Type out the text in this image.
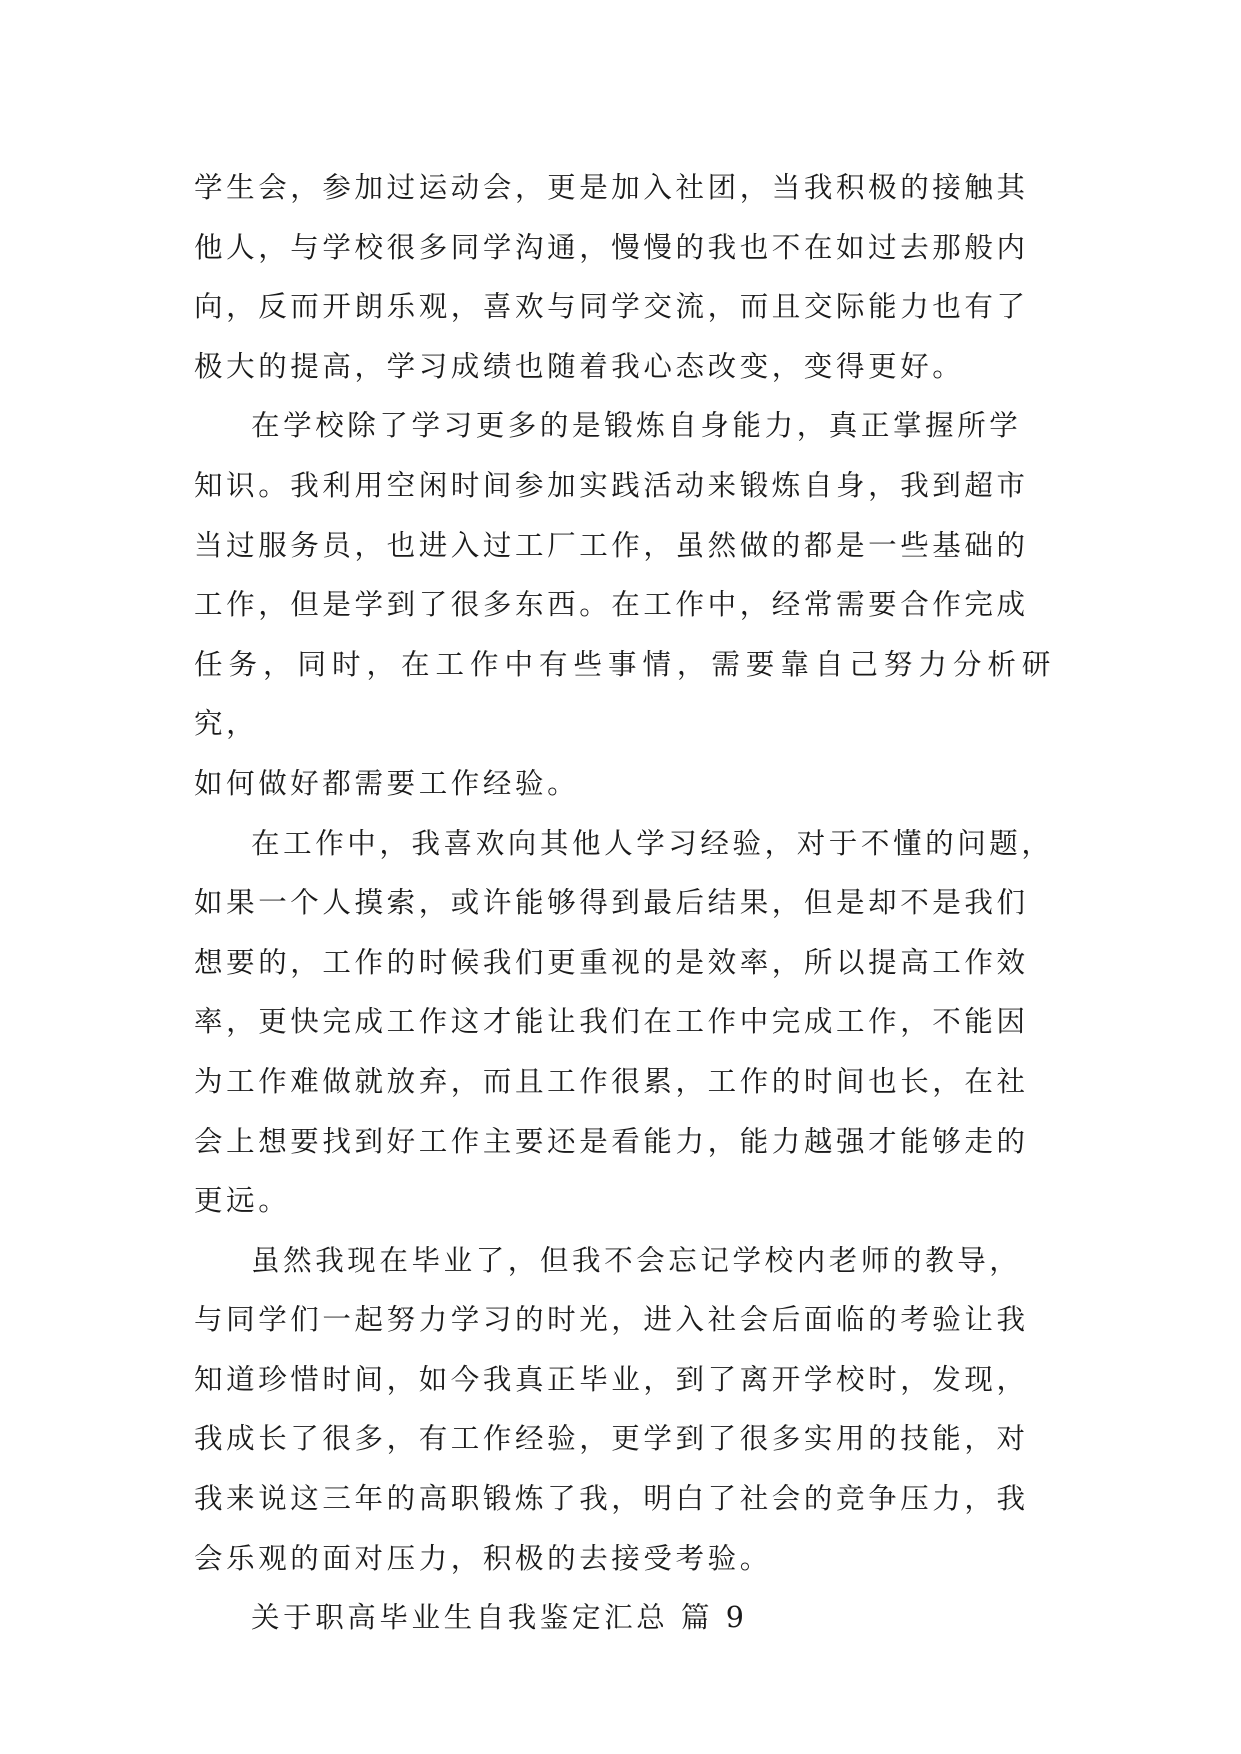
学生会，参加过运动会，更是加入社团，当我积极的接触其
他人，与学校很多同学沟通，慢慢的我也不在如过去那般内
向，反而开朗乐观，喜欢与同学交流，而且交际能力也有了
极大的提高，学习成绩也随着我心态改变，变得更好。

在学校除了学习更多的是锻炼自身能力，真正掌握所学
知识。我利用空闲时间参加实践活动来锻炼自身，我到超市
当过服务员，也进入过工厂工作，虽然做的都是一些基础的
工作，但是学到了很多东西。在工作中，经常需要合作完成
任务，同时，在工作中有些事情，需要靠自己努力分析研究，
如何做好都需要工作经验。

在工作中，我喜欢向其他人学习经验，对于不懂的问题，
如果一个人摸索，或许能够得到最后结果，但是却不是我们
想要的，工作的时候我们更重视的是效率，所以提高工作效
率，更快完成工作这才能让我们在工作中完成工作，不能因
为工作难做就放弃，而且工作很累，工作的时间也长，在社
会上想要找到好工作主要还是看能力，能力越强才能够走的
更远。

虽然我现在毕业了，但我不会忘记学校内老师的教导，
与同学们一起努力学习的时光，进入社会后面临的考验让我
知道珍惜时间，如今我真正毕业，到了离开学校时，发现，
我成长了很多，有工作经验，更学到了很多实用的技能，对
我来说这三年的高职锻炼了我，明白了社会的竞争压力，我
会乐观的面对压力，积极的去接受考验。

关于职高毕业生自我鉴定汇总 篇 9
